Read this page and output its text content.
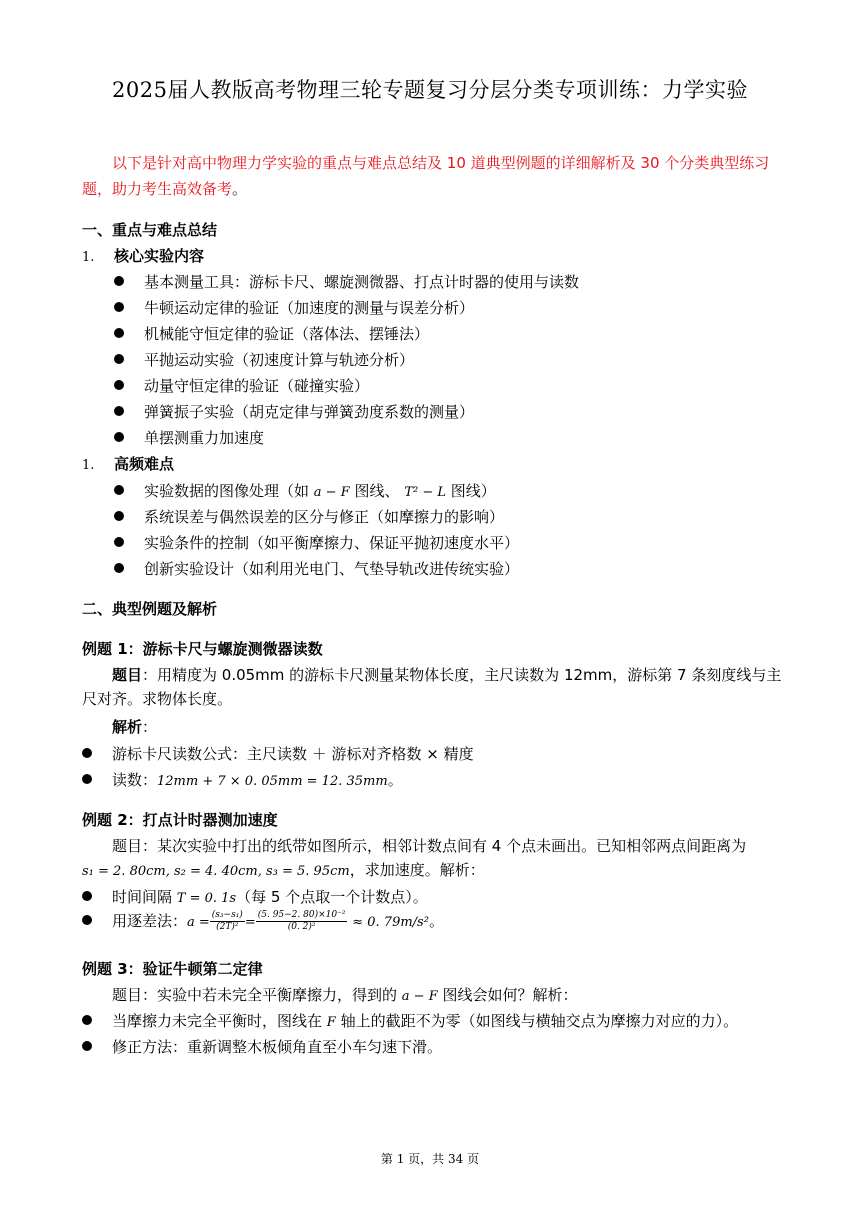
2025届人教版高考物理三轮专题复习分层分类专项训练：力学实验
以下是针对高中物理力学实验的重点与难点总结及 10 道典型例题的详细解析及 30 个分类典型练习题，助力考生高效备考。
一、重点与难点总结
1. 核心实验内容
基本测量工具：游标卡尺、螺旋测微器、打点计时器的使用与读数
牛顿运动定律的验证（加速度的测量与误差分析）
机械能守恒定律的验证（落体法、摆锤法）
平抛运动实验（初速度计算与轨迹分析）
动量守恒定律的验证（碰撞实验）
弹簧振子实验（胡克定律与弹簧劲度系数的测量）
单摆测重力加速度
1. 高频难点
实验数据的图像处理（如 a − F 图线、 T² − L 图线）
系统误差与偶然误差的区分与修正（如摩擦力的影响）
实验条件的控制（如平衡摩擦力、保证平抛初速度水平）
创新实验设计（如利用光电门、气垫导轨改进传统实验）
二、典型例题及解析
例题 1：游标卡尺与螺旋测微器读数
题目：用精度为 0.05mm 的游标卡尺测量某物体长度，主尺读数为 12mm，游标第 7 条刻度线与主尺对齐。求物体长度。
解析：
游标卡尺读数公式：主尺读数 ＋ 游标对齐格数 × 精度
读数：12mm + 7 × 0. 05mm = 12. 35mm。
例题 2：打点计时器测加速度
题目：某次实验中打出的纸带如图所示，相邻计数点间有 4 个点未画出。已知相邻两点间距离为
s₁ = 2. 80cm, s₂ = 4. 40cm, s₃ = 5. 95cm，求加速度。解析：
时间间隔 T = 0. 1s（每 5 个点取一个计数点）。
用逐差法：$a = \frac{\text{(s₃−s₁)}}{\text{(2T)²}} = \frac{\text{(5. 95−2. 80)×10⁻²}}{\text{(0. 2)²}} \approx 0$. 79m/s²。
例题 3：验证牛顿第二定律
题目：实验中若未完全平衡摩擦力，得到的 a − F 图线会如何？解析：
当摩擦力未完全平衡时，图线在 F 轴上的截距不为零（如图线与横轴交点为摩擦力对应的力）。
修正方法：重新调整木板倾角直至小车匀速下滑。
第 1 页，共 34 页
